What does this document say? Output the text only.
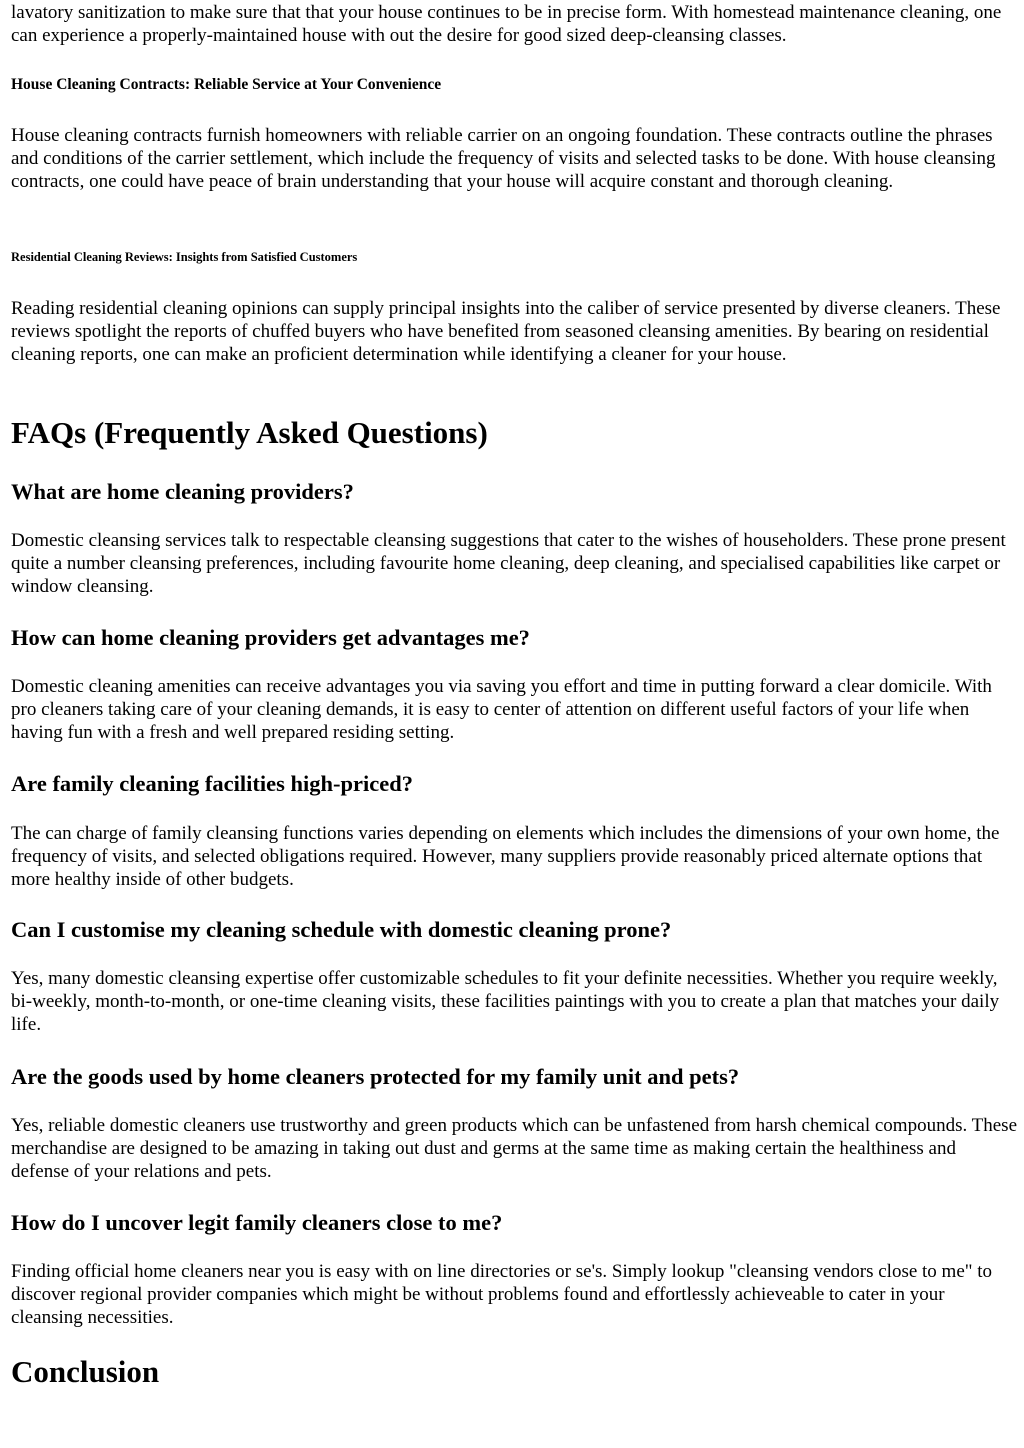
lavatory sanitization to make sure that that your house continues to be in precise form. With homestead maintenance cleaning, one can experience a properly-maintained house with out the desire for good sized deep-cleansing classes.

House Cleaning Contracts: Reliable Service at Your Convenience

House cleaning contracts furnish homeowners with reliable carrier on an ongoing foundation. These contracts outline the phrases and conditions of the carrier settlement, which include the frequency of visits and selected tasks to be done. With house cleansing contracts, one could have peace of brain understanding that your house will acquire constant and thorough cleaning.

Residential Cleaning Reviews: Insights from Satisfied Customers

Reading residential cleaning opinions can supply principal insights into the caliber of service presented by diverse cleaners. These reviews spotlight the reports of chuffed buyers who have benefited from seasoned cleansing amenities. By bearing on residential cleaning reports, one can make an proficient determination while identifying a cleaner for your house.

FAQs (Frequently Asked Questions)
What are home cleaning providers?

Domestic cleansing services talk to respectable cleansing suggestions that cater to the wishes of householders. These prone present quite a number cleansing preferences, including favourite home cleaning, deep cleaning, and specialised capabilities like carpet or window cleansing.

How can home cleaning providers get advantages me?

Domestic cleaning amenities can receive advantages you via saving you effort and time in putting forward a clear domicile. With pro cleaners taking care of your cleaning demands, it is easy to center of attention on different useful factors of your life when having fun with a fresh and well prepared residing setting.

Are family cleaning facilities high-priced?

The can charge of family cleansing functions varies depending on elements which includes the dimensions of your own home, the frequency of visits, and selected obligations required. However, many suppliers provide reasonably priced alternate options that more healthy inside of other budgets.

Can I customise my cleaning schedule with domestic cleaning prone?

Yes, many domestic cleansing expertise offer customizable schedules to fit your definite necessities. Whether you require weekly, bi-weekly, month-to-month, or one-time cleaning visits, these facilities paintings with you to create a plan that matches your daily life.

Are the goods used by home cleaners protected for my family unit and pets?

Yes, reliable domestic cleaners use trustworthy and green products which can be unfastened from harsh chemical compounds. These merchandise are designed to be amazing in taking out dust and germs at the same time as making certain the healthiness and defense of your relations and pets.

How do I uncover legit family cleaners close to me?

Finding official home cleaners near you is easy with on line directories or se's. Simply lookup "cleansing vendors close to me" to discover regional provider companies which might be without problems found and effortlessly achieveable to cater in your cleansing necessities.

Conclusion
